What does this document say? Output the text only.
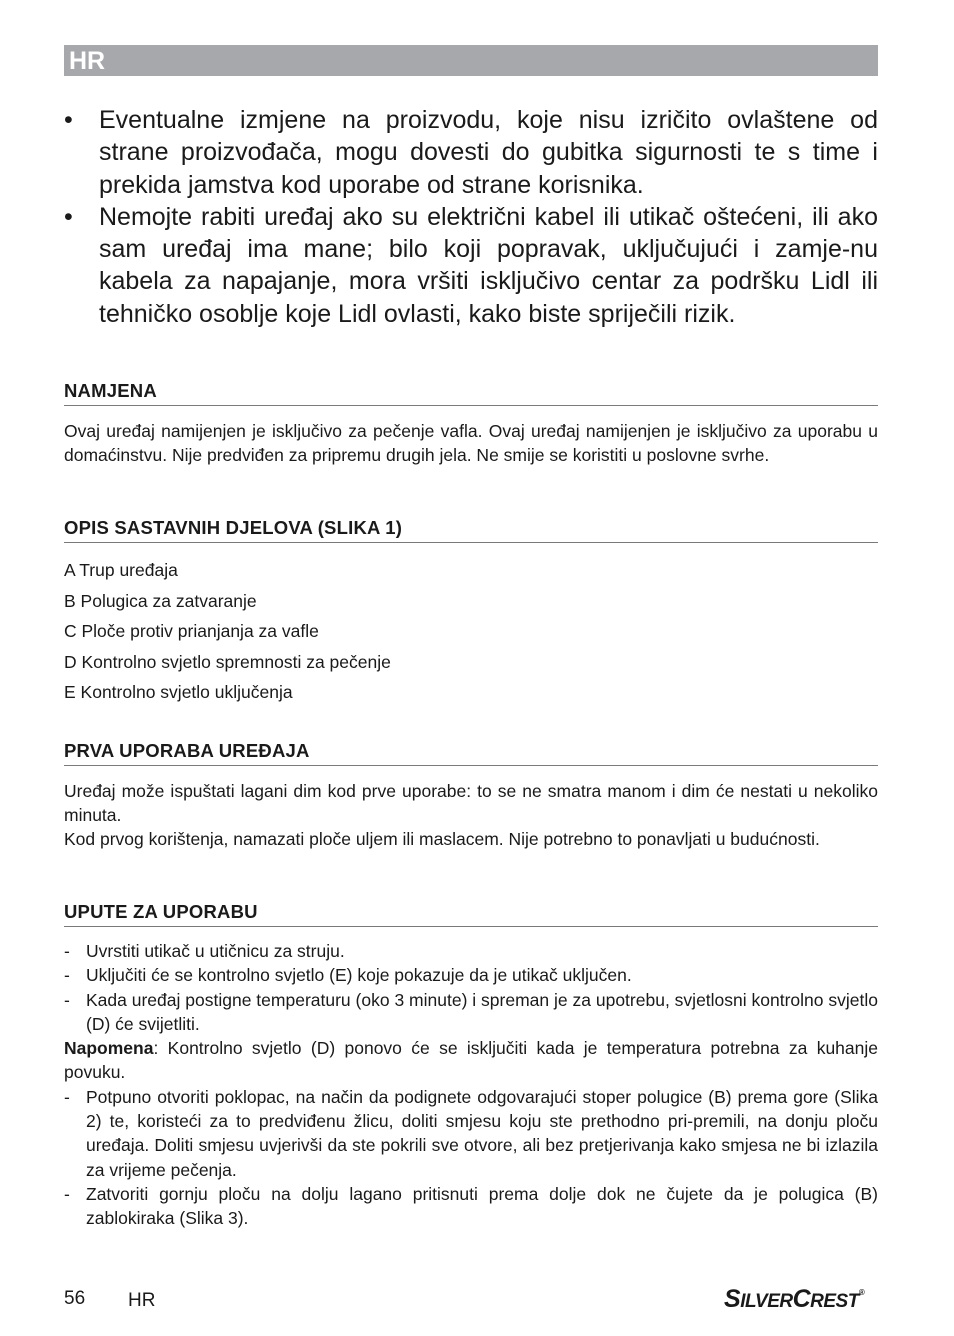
HR
• Eventualne izmjene na proizvodu, koje nisu izričito ovlaštene od strane proizvođača, mogu dovesti do gubitka sigurnosti te s time i prekida jamstva kod uporabe od strane korisnika.
• Nemojte rabiti uređaj ako su električni kabel ili utikač oštećeni, ili ako sam uređaj ima mane; bilo koji popravak, uključujući i zamje-nu kabela za napajanje, mora vršiti isključivo centar za podršku Lidl ili tehničko osoblje koje Lidl ovlasti, kako biste spriječili rizik.
NAMJENA
Ovaj uređaj namijenjen je isključivo za pečenje vafla. Ovaj uređaj namijenjen je isključivo za uporabu u domaćinstvu. Nije predviđen za pripremu drugih jela. Ne smije se koristiti u poslovne svrhe.
OPIS SASTAVNIH DJELOVA (SLIKA 1)
A Trup uređaja
B Polugica za zatvaranje
C Ploče protiv prianjanja za vafle
D Kontrolno svjetlo spremnosti za pečenje
E Kontrolno svjetlo uključenja
PRVA UPORABA UREĐAJA
Uređaj može ispuštati lagani dim kod prve uporabe: to se ne smatra manom i dim će nestati u nekoliko minuta.
Kod prvog korištenja, namazati ploče uljem ili maslacem. Nije potrebno to ponavljati u budućnosti.
UPUTE ZA UPORABU
- Uvrstiti utikač u utičnicu za struju.
- Uključiti će se kontrolno svjetlo (E) koje pokazuje da je utikač uključen.
- Kada uređaj postigne temperaturu (oko 3 minute) i spreman je za upotrebu, svjetlosni kontrolno svjetlo (D) će svijetliti.
Napomena: Kontrolno svjetlo (D) ponovo će se isključiti kada je temperatura potrebna za kuhanje povuku.
- Potpuno otvoriti poklopac, na način da podignete odgovarajući stoper polugice (B) prema gore (Slika 2) te, koristeći za to predviđenu žlicu, doliti smjesu koju ste prethodno pri-premili, na donju ploču uređaja. Doliti smjesu uvjerivši da ste pokrili sve otvore, ali bez pretjerivanja kako smjesa ne bi izlazila za vrijeme pečenja.
- Zatvoriti gornju ploču na dolju lagano pritisnuti prema dolje dok ne čujete da je polugica (B) zablokiraka (Slika 3).
56 HR	SILVERCREST®
